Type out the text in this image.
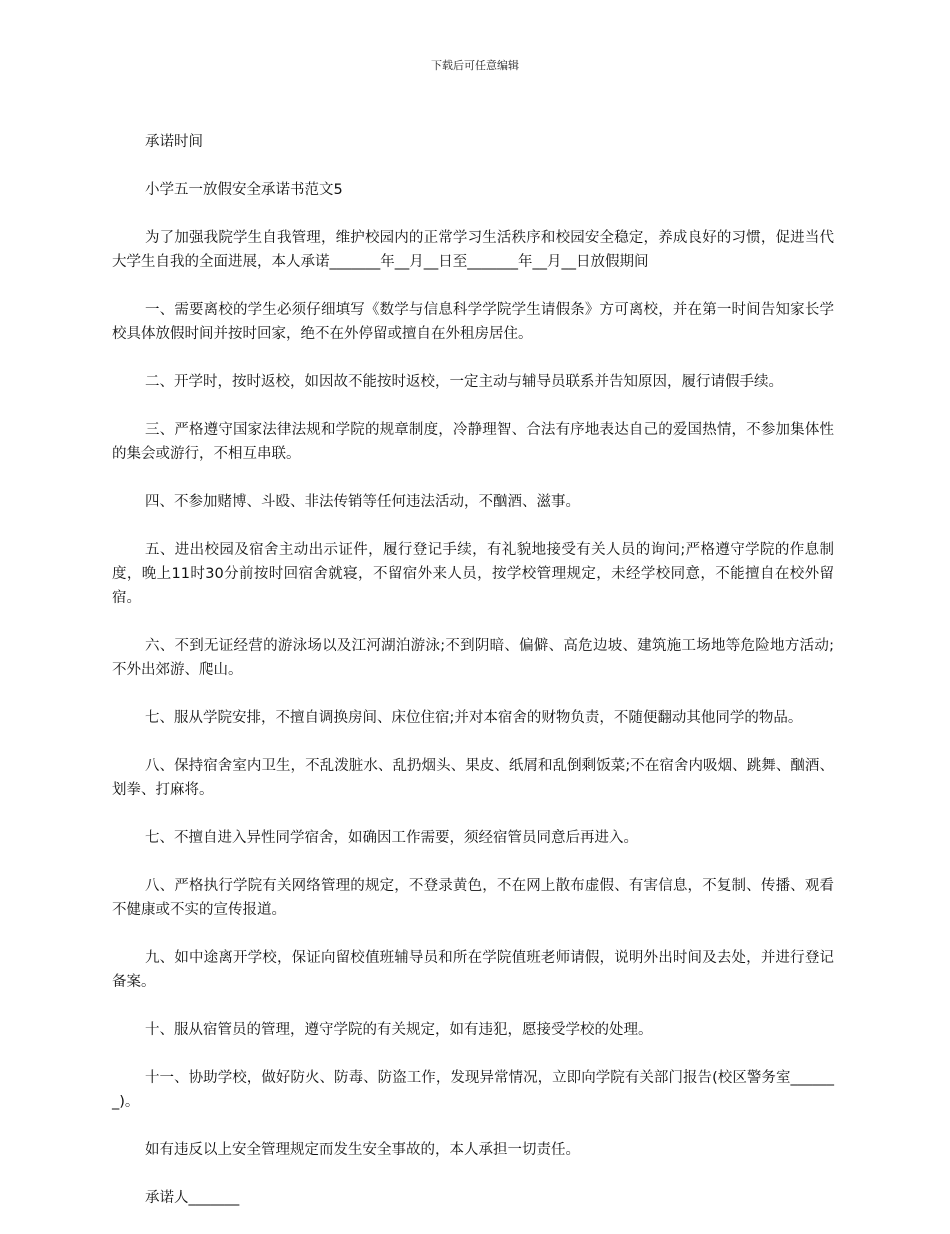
下载后可任意编辑

承诺时间

小学五一放假安全承诺书范文5

为了加强我院学生自我管理，维护校园内的正常学习生活秩序和校园安全稳定，养成良好的习惯，促进当代大学生自我的全面进展，本人承诺_______年__月__日至_______年__月__日放假期间

一、需要离校的学生必须仔细填写《数学与信息科学学院学生请假条》方可离校，并在第一时间告知家长学校具体放假时间并按时回家，绝不在外停留或擅自在外租房居住。

二、开学时，按时返校，如因故不能按时返校，一定主动与辅导员联系并告知原因，履行请假手续。

三、严格遵守国家法律法规和学院的规章制度，冷静理智、合法有序地表达自己的爱国热情，不参加集体性的集会或游行，不相互串联。

四、不参加赌博、斗殴、非法传销等任何违法活动，不酗酒、滋事。

五、进出校园及宿舍主动出示证件，履行登记手续，有礼貌地接受有关人员的询问;严格遵守学院的作息制度，晚上11时30分前按时回宿舍就寝，不留宿外来人员，按学校管理规定，未经学校同意，不能擅自在校外留宿。

六、不到无证经营的游泳场以及江河湖泊游泳;不到阴暗、偏僻、高危边坡、建筑施工场地等危险地方活动;不外出郊游、爬山。

七、服从学院安排，不擅自调换房间、床位住宿;并对本宿舍的财物负责，不随便翻动其他同学的物品。

八、保持宿舍室内卫生，不乱泼脏水、乱扔烟头、果皮、纸屑和乱倒剩饭菜;不在宿舍内吸烟、跳舞、酗酒、划拳、打麻将。

七、不擅自进入异性同学宿舍，如确因工作需要，须经宿管员同意后再进入。

八、严格执行学院有关网络管理的规定，不登录黄色，不在网上散布虚假、有害信息，不复制、传播、观看不健康或不实的宣传报道。

九、如中途离开学校，保证向留校值班辅导员和所在学院值班老师请假，说明外出时间及去处，并进行登记备案。

十、服从宿管员的管理，遵守学院的有关规定，如有违犯，愿接受学校的处理。

十一、协助学校，做好防火、防毒、防盗工作，发现异常情况，立即向学院有关部门报告(校区警务室_______)。

如有违反以上安全管理规定而发生安全事故的，本人承担一切责任。

承诺人_______
